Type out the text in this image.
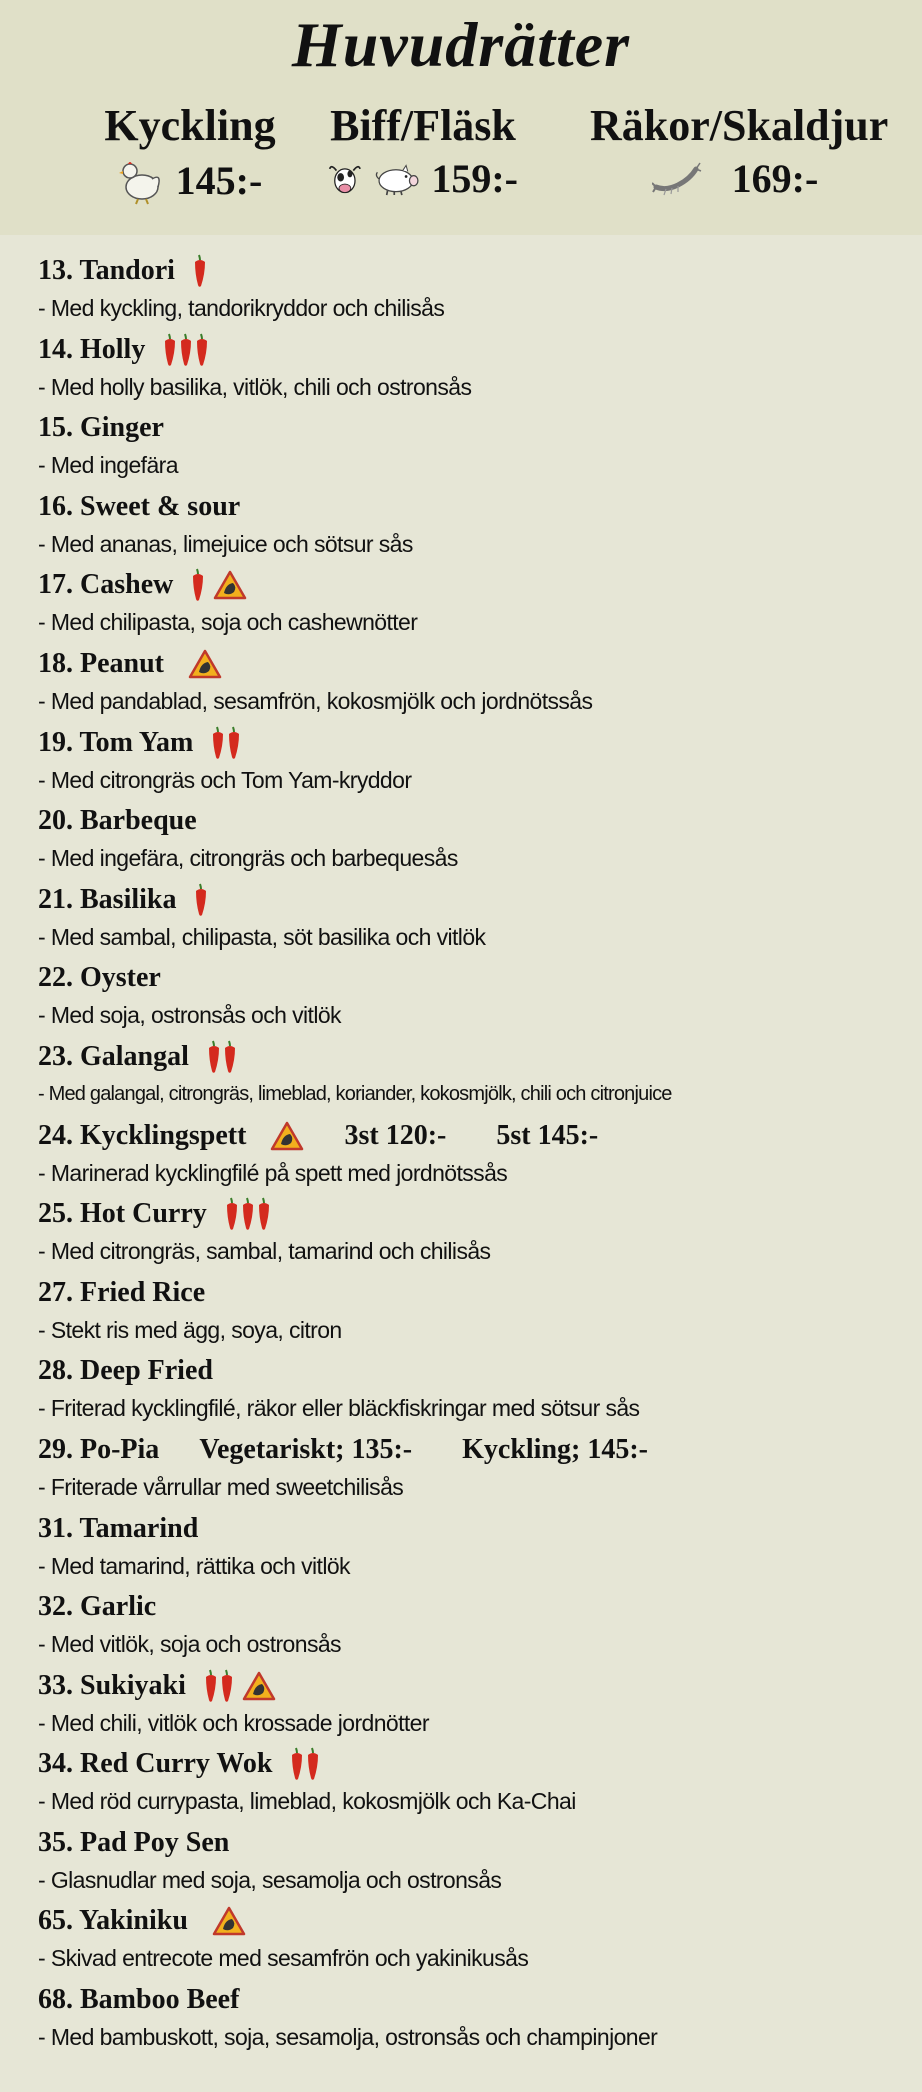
Huvudrätter
Kyckling
145:-
Biff/Fläsk
159:-
Räkor/Skaldjur
169:-
13. Tandori
- Med kyckling, tandorikryddor och chilisås
14. Holly
- Med holly basilika, vitlök, chili och ostronsås
15. Ginger
- Med ingefära
16. Sweet & sour
- Med ananas, limejuice och sötsur sås
17. Cashew
- Med chilipasta, soja och cashewnötter
18. Peanut
- Med pandablad, sesamfrön, kokosmjölk och jordnötssås
19. Tom Yam
- Med citrongräs och Tom Yam-kryddor
20. Barbeque
- Med ingefära, citrongräs och barbequesås
21. Basilika
- Med sambal, chilipasta, söt basilika och vitlök
22. Oyster
- Med soja, ostronsås och vitlök
23. Galangal
- Med galangal, citrongräs, limeblad, koriander, kokosmjölk, chili och citronjuice
24. Kycklingspett	3st 120:- 5st 145:-
- Marinerad kycklingfilé på spett med jordnötssås
25. Hot Curry
- Med citrongräs, sambal, tamarind och chilisås
27. Fried Rice
- Stekt ris med ägg, soya, citron
28. Deep Fried
- Friterad kycklingfilé, räkor eller bläckfiskringar med sötsur sås
29. Po-Pia Vegetariskt; 135:- Kyckling; 145:-
- Friterade vårrullar med sweetchilisås
31. Tamarind
- Med tamarind, rättika och vitlök
32. Garlic
- Med vitlök, soja och ostronsås
33. Sukiyaki
- Med chili, vitlök och krossade jordnötter
34. Red Curry Wok
- Med röd currypasta, limeblad, kokosmjölk och Ka-Chai
35. Pad Poy Sen
- Glasnudlar med soja, sesamolja och ostronsås
65. Yakiniku
- Skivad entrecote med sesamfrön och yakinikusås
68. Bamboo Beef
- Med bambuskott, soja, sesamolja, ostronsås och champinjoner
